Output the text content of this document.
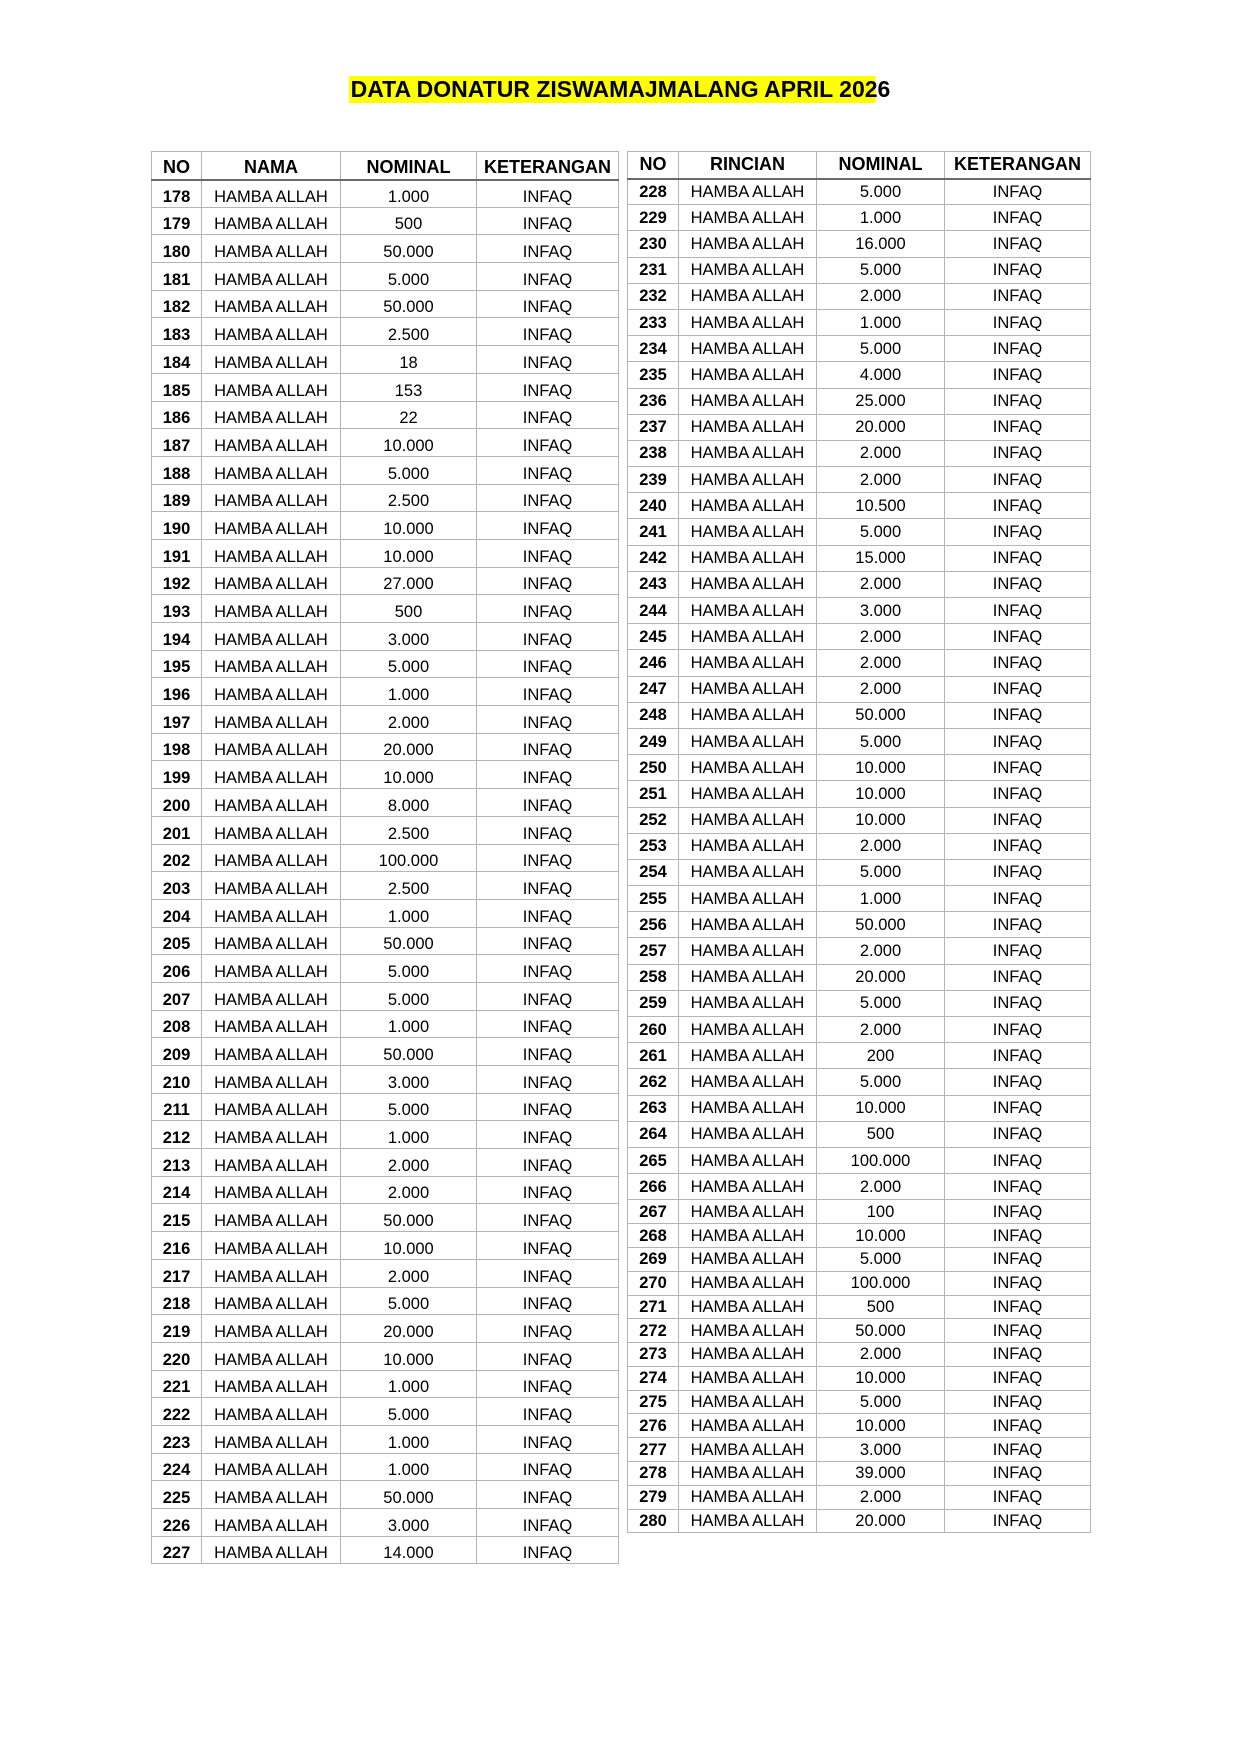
DATA DONATUR ZISWAMAJMALANG APRIL 2026
NO	NAMA	NOMINAL	KETERANGAN
178	HAMBA ALLAH	1.000	INFAQ
179	HAMBA ALLAH	500	INFAQ
180	HAMBA ALLAH	50.000	INFAQ
181	HAMBA ALLAH	5.000	INFAQ
182	HAMBA ALLAH	50.000	INFAQ
183	HAMBA ALLAH	2.500	INFAQ
184	HAMBA ALLAH	18	INFAQ
185	HAMBA ALLAH	153	INFAQ
186	HAMBA ALLAH	22	INFAQ
187	HAMBA ALLAH	10.000	INFAQ
188	HAMBA ALLAH	5.000	INFAQ
189	HAMBA ALLAH	2.500	INFAQ
190	HAMBA ALLAH	10.000	INFAQ
191	HAMBA ALLAH	10.000	INFAQ
192	HAMBA ALLAH	27.000	INFAQ
193	HAMBA ALLAH	500	INFAQ
194	HAMBA ALLAH	3.000	INFAQ
195	HAMBA ALLAH	5.000	INFAQ
196	HAMBA ALLAH	1.000	INFAQ
197	HAMBA ALLAH	2.000	INFAQ
198	HAMBA ALLAH	20.000	INFAQ
199	HAMBA ALLAH	10.000	INFAQ
200	HAMBA ALLAH	8.000	INFAQ
201	HAMBA ALLAH	2.500	INFAQ
202	HAMBA ALLAH	100.000	INFAQ
203	HAMBA ALLAH	2.500	INFAQ
204	HAMBA ALLAH	1.000	INFAQ
205	HAMBA ALLAH	50.000	INFAQ
206	HAMBA ALLAH	5.000	INFAQ
207	HAMBA ALLAH	5.000	INFAQ
208	HAMBA ALLAH	1.000	INFAQ
209	HAMBA ALLAH	50.000	INFAQ
210	HAMBA ALLAH	3.000	INFAQ
211	HAMBA ALLAH	5.000	INFAQ
212	HAMBA ALLAH	1.000	INFAQ
213	HAMBA ALLAH	2.000	INFAQ
214	HAMBA ALLAH	2.000	INFAQ
215	HAMBA ALLAH	50.000	INFAQ
216	HAMBA ALLAH	10.000	INFAQ
217	HAMBA ALLAH	2.000	INFAQ
218	HAMBA ALLAH	5.000	INFAQ
219	HAMBA ALLAH	20.000	INFAQ
220	HAMBA ALLAH	10.000	INFAQ
221	HAMBA ALLAH	1.000	INFAQ
222	HAMBA ALLAH	5.000	INFAQ
223	HAMBA ALLAH	1.000	INFAQ
224	HAMBA ALLAH	1.000	INFAQ
225	HAMBA ALLAH	50.000	INFAQ
226	HAMBA ALLAH	3.000	INFAQ
227	HAMBA ALLAH	14.000	INFAQ
NO	RINCIAN	NOMINAL	KETERANGAN
228	HAMBA ALLAH	5.000	INFAQ
229	HAMBA ALLAH	1.000	INFAQ
230	HAMBA ALLAH	16.000	INFAQ
231	HAMBA ALLAH	5.000	INFAQ
232	HAMBA ALLAH	2.000	INFAQ
233	HAMBA ALLAH	1.000	INFAQ
234	HAMBA ALLAH	5.000	INFAQ
235	HAMBA ALLAH	4.000	INFAQ
236	HAMBA ALLAH	25.000	INFAQ
237	HAMBA ALLAH	20.000	INFAQ
238	HAMBA ALLAH	2.000	INFAQ
239	HAMBA ALLAH	2.000	INFAQ
240	HAMBA ALLAH	10.500	INFAQ
241	HAMBA ALLAH	5.000	INFAQ
242	HAMBA ALLAH	15.000	INFAQ
243	HAMBA ALLAH	2.000	INFAQ
244	HAMBA ALLAH	3.000	INFAQ
245	HAMBA ALLAH	2.000	INFAQ
246	HAMBA ALLAH	2.000	INFAQ
247	HAMBA ALLAH	2.000	INFAQ
248	HAMBA ALLAH	50.000	INFAQ
249	HAMBA ALLAH	5.000	INFAQ
250	HAMBA ALLAH	10.000	INFAQ
251	HAMBA ALLAH	10.000	INFAQ
252	HAMBA ALLAH	10.000	INFAQ
253	HAMBA ALLAH	2.000	INFAQ
254	HAMBA ALLAH	5.000	INFAQ
255	HAMBA ALLAH	1.000	INFAQ
256	HAMBA ALLAH	50.000	INFAQ
257	HAMBA ALLAH	2.000	INFAQ
258	HAMBA ALLAH	20.000	INFAQ
259	HAMBA ALLAH	5.000	INFAQ
260	HAMBA ALLAH	2.000	INFAQ
261	HAMBA ALLAH	200	INFAQ
262	HAMBA ALLAH	5.000	INFAQ
263	HAMBA ALLAH	10.000	INFAQ
264	HAMBA ALLAH	500	INFAQ
265	HAMBA ALLAH	100.000	INFAQ
266	HAMBA ALLAH	2.000	INFAQ
267	HAMBA ALLAH	100	INFAQ
268	HAMBA ALLAH	10.000	INFAQ
269	HAMBA ALLAH	5.000	INFAQ
270	HAMBA ALLAH	100.000	INFAQ
271	HAMBA ALLAH	500	INFAQ
272	HAMBA ALLAH	50.000	INFAQ
273	HAMBA ALLAH	2.000	INFAQ
274	HAMBA ALLAH	10.000	INFAQ
275	HAMBA ALLAH	5.000	INFAQ
276	HAMBA ALLAH	10.000	INFAQ
277	HAMBA ALLAH	3.000	INFAQ
278	HAMBA ALLAH	39.000	INFAQ
279	HAMBA ALLAH	2.000	INFAQ
280	HAMBA ALLAH	20.000	INFAQ
